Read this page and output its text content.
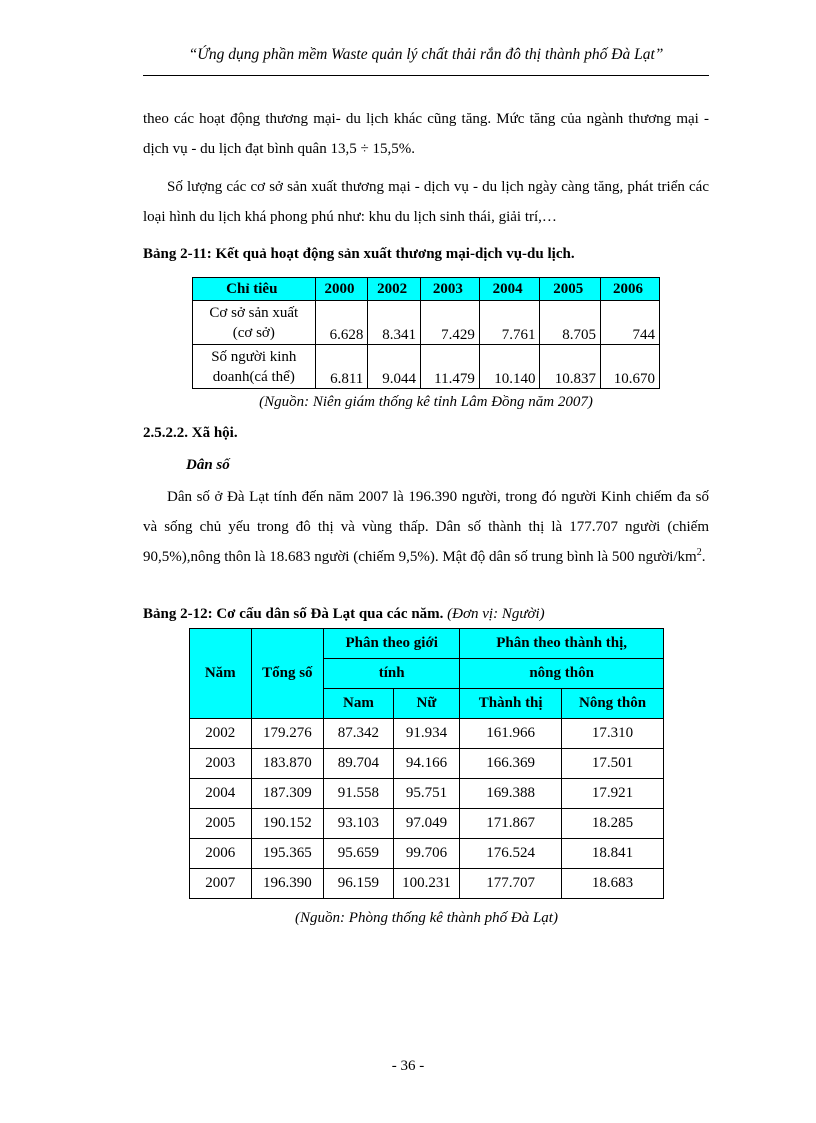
“Ứng dụng phần mềm Waste quản lý chất thải rắn đô thị thành phố Đà Lạt”

theo các hoạt động thương mại- du lịch khác cũng tăng. Mức tăng của ngành thương mại - dịch vụ - du lịch đạt bình quân 13,5 ÷ 15,5%.

Số lượng các cơ sở sản xuất thương mại - dịch vụ - du lịch ngày càng tăng, phát triển các loại hình du lịch khá phong phú như: khu du lịch sinh thái, giải trí,…

Bảng 2-11: Kết quả hoạt động sản xuất thương mại-dịch vụ-du lịch.
Chỉ tiêu	2000	2002	2003	2004	2005	2006

Cơ sở sản xuất
(cơ sở)	6.628	8.341	7.429	7.761	8.705	744

Số người kinh
doanh(cá thể)	6.811	9.044	11.479	10.140	10.837	10.670
(Nguồn: Niên giám thống kê tỉnh Lâm Đồng năm 2007)
2.5.2.2. Xã hội.
Dân số

Dân số ở Đà Lạt tính đến năm 2007 là 196.390 người, trong đó người Kinh chiếm đa số và sống chủ yếu trong đô thị và vùng thấp. Dân số thành thị là 177.707 người (chiếm 90,5%),nông thôn là 18.683 người (chiếm 9,5%). Mật độ dân số trung bình là 500 người/$km^2$.

Bảng 2-12: Cơ cấu dân số Đà Lạt qua các năm. (Đơn vị: Người)
Năm	Tổng số	Phân theo giới		Phân theo thành thị,	
		tính		nông thôn	
		Nam	Nữ	Thành thị	Nông thôn
2002	179.276	87.342	91.934	161.966	17.310
2003	183.870	89.704	94.166	166.369	17.501
2004	187.309	91.558	95.751	169.388	17.921
2005	190.152	93.103	97.049	171.867	18.285
2006	195.365	95.659	99.706	176.524	18.841
2007	196.390	96.159	100.231	177.707	18.683
(Nguồn: Phòng thống kê thành phố Đà Lạt)
- 36 -
